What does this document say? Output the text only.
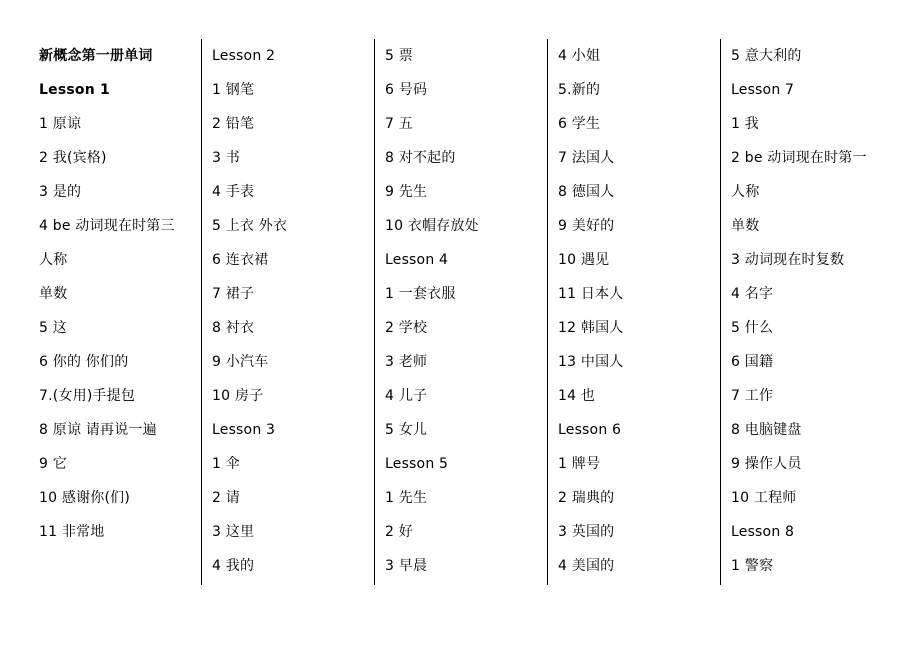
新概念第一册单词
Lesson 1
1 原谅
2 我(宾格)
3 是的
4 be 动词现在时第三
人称
单数
5 这
6 你的 你们的
7.(女用)手提包
8 原谅 请再说一遍
9 它
10 感谢你(们)
11 非常地
Lesson 2
1 钢笔
2 铅笔
3 书
4 手表
5 上衣 外衣
6 连衣裙
7 裙子
8 衬衣
9 小汽车
10 房子
Lesson 3
1 伞
2 请
3 这里
4 我的
5 票
6 号码
7 五
8 对不起的
9 先生
10 衣帽存放处
Lesson 4
1 一套衣服
2 学校
3 老师
4 儿子
5 女儿
Lesson 5
1 先生
2 好
3 早晨
4 小姐
5.新的
6 学生
7 法国人
8 德国人
9 美好的
10 遇见
11 日本人
12 韩国人
13 中国人
14 也
Lesson 6
1 牌号
2 瑞典的
3 英国的
4 美国的
5 意大利的
Lesson 7
1 我
2 be 动词现在时第一
人称
单数
3 动词现在时复数
4 名字
5 什么
6 国籍
7 工作
8 电脑键盘
9 操作人员
10 工程师
Lesson 8
1 警察
